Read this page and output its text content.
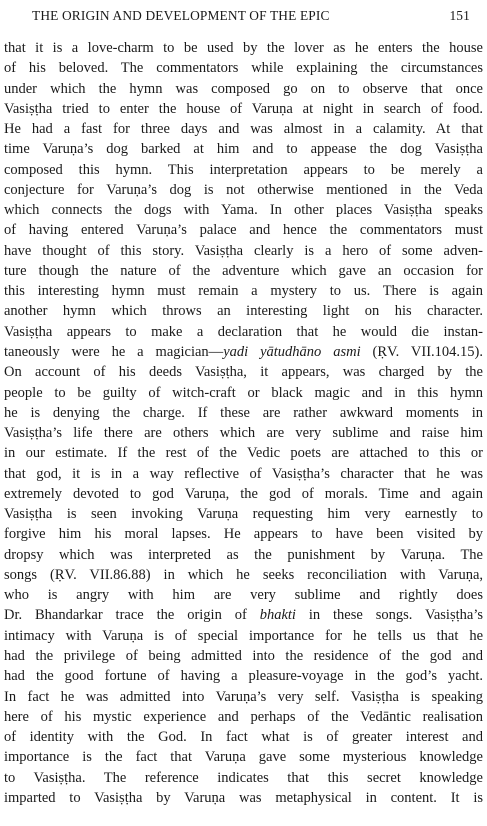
THE ORIGIN AND DEVELOPMENT OF THE EPIC	151
that it is a love-charm to be used by the lover as he enters the house
of his beloved. The commentators while explaining the circumstances
under which the hymn was composed go on to observe that once
Vasiṣṭha tried to enter the house of Varuṇa at night in search of food.
He had a fast for three days and was almost in a calamity. At that
time Varuṇa’s dog barked at him and to appease the dog Vasiṣṭha
composed this hymn. This interpretation appears to be merely a
conjecture for Varuṇa’s dog is not otherwise mentioned in the Veda
which connects the dogs with Yama. In other places Vasiṣṭha speaks
of having entered Varuṇa’s palace and hence the commentators must
have thought of this story. Vasiṣṭha clearly is a hero of some adven-
ture though the nature of the adventure which gave an occasion for
this interesting hymn must remain a mystery to us. There is again
another hymn which throws an interesting light on his character.
Vasiṣṭha appears to make a declaration that he would die instan-
taneously were he a magician—yadi yātudhāno asmi (ṚV. VII.104.15).
On account of his deeds Vasiṣṭha, it appears, was charged by the
people to be guilty of witch-craft or black magic and in this hymn
he is denying the charge. If these are rather awkward moments in
Vasiṣṭha’s life there are others which are very sublime and raise him
in our estimate. If the rest of the Vedic poets are attached to this or
that god, it is in a way reflective of Vasiṣṭha’s character that he was
extremely devoted to god Varuṇa, the god of morals. Time and again
Vasiṣṭha is seen invoking Varuṇa requesting him very earnestly to
forgive him his moral lapses. He appears to have been visited by
dropsy which was interpreted as the punishment by Varuṇa. The
songs (ṚV. VII.86.88) in which he seeks reconciliation with Varuṇa,
who is angry with him are very sublime and rightly does
Dr. Bhandarkar trace the origin of bhakti in these songs. Vasiṣṭha’s
intimacy with Varuṇa is of special importance for he tells us that he
had the privilege of being admitted into the residence of the god and
had the good fortune of having a pleasure-voyage in the god’s yacht.
In fact he was admitted into Varuṇa’s very self. Vasiṣṭha is speaking
here of his mystic experience and perhaps of the Vedāntic realisation
of identity with the God. In fact what is of greater interest and
importance is the fact that Varuṇa gave some mysterious knowledge
to Vasiṣṭha. The reference indicates that this secret knowledge
imparted to Vasiṣṭha by Varuṇa was metaphysical in content. It is
